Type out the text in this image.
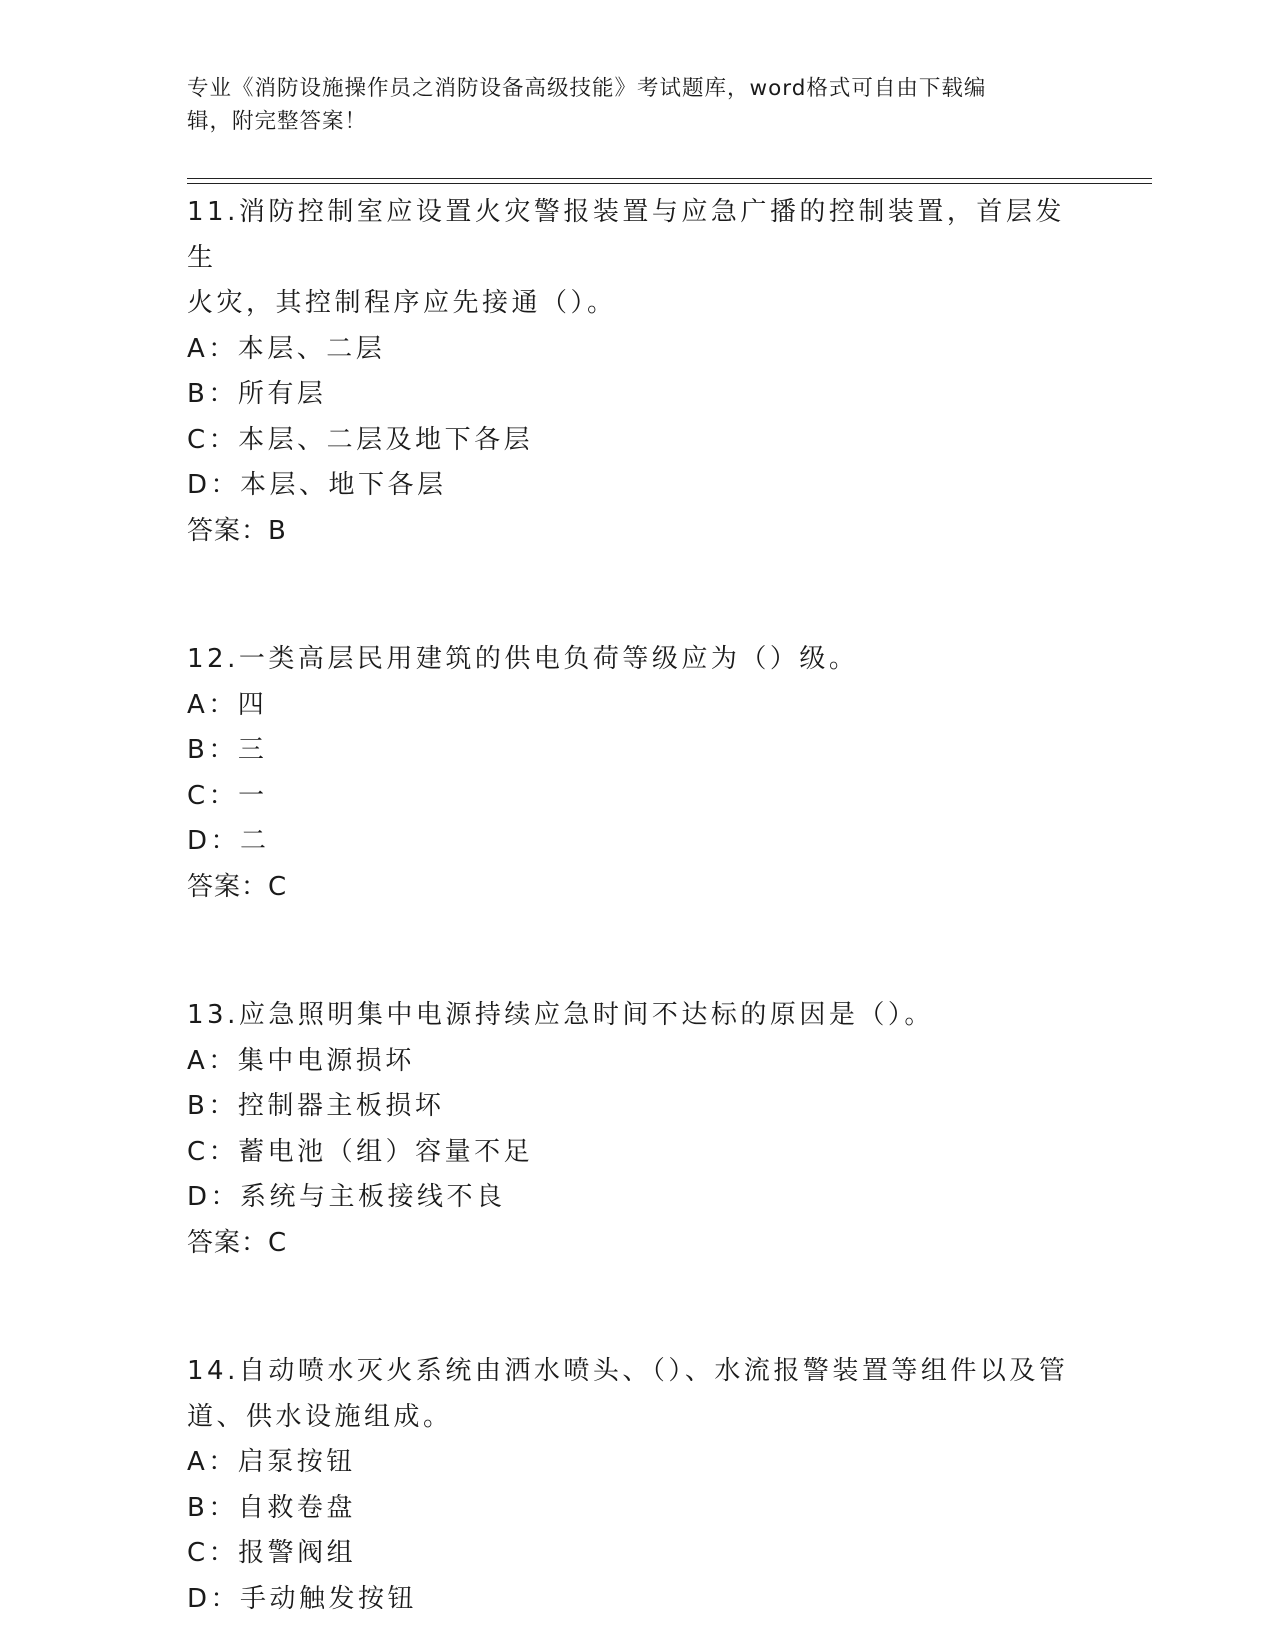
专业《消防设施操作员之消防设备高级技能》考试题库，word格式可自由下载编
辑，附完整答案！
11.消防控制室应设置火灾警报装置与应急广播的控制装置，首层发生
火灾，其控制程序应先接通（）。
A：本层、二层
B：所有层
C：本层、二层及地下各层
D：本层、地下各层
答案：B
12.一类高层民用建筑的供电负荷等级应为（）级。
A：四
B：三
C：一
D：二
答案：C
13.应急照明集中电源持续应急时间不达标的原因是（）。
A：集中电源损坏
B：控制器主板损坏
C：蓄电池（组）容量不足
D：系统与主板接线不良
答案：C
14.自动喷水灭火系统由洒水喷头、（）、水流报警装置等组件以及管
道、供水设施组成。
A：启泵按钮
B：自救卷盘
C：报警阀组
D：手动触发按钮
